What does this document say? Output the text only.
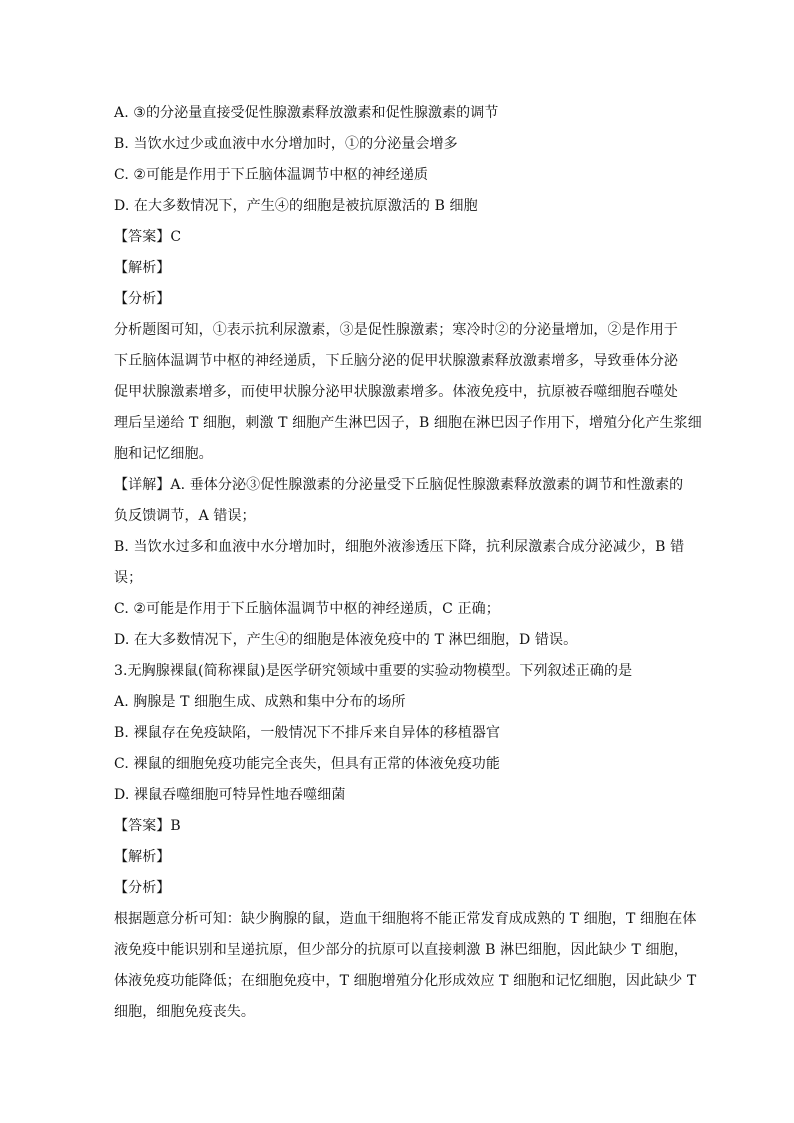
A. ③的分泌量直接受促性腺激素释放激素和促性腺激素的调节
B. 当饮水过少或血液中水分增加时，①的分泌量会增多
C. ②可能是作用于下丘脑体温调节中枢的神经递质
D. 在大多数情况下，产生④的细胞是被抗原激活的 B 细胞
【答案】C
【解析】
【分析】
分析题图可知，①表示抗利尿激素，③是促性腺激素；寒冷时②的分泌量增加，②是作用于
下丘脑体温调节中枢的神经递质，下丘脑分泌的促甲状腺激素释放激素增多，导致垂体分泌
促甲状腺激素增多，而使甲状腺分泌甲状腺激素增多。体液免疫中，抗原被吞噬细胞吞噬处
理后呈递给 T 细胞，刺激 T 细胞产生淋巴因子，B 细胞在淋巴因子作用下，增殖分化产生浆细
胞和记忆细胞。
【详解】A. 垂体分泌③促性腺激素的分泌量受下丘脑促性腺激素释放激素的调节和性激素的
负反馈调节，A 错误；
B. 当饮水过多和血液中水分增加时，细胞外液渗透压下降，抗利尿激素合成分泌减少，B 错
误；
C. ②可能是作用于下丘脑体温调节中枢的神经递质，C 正确；
D. 在大多数情况下，产生④的细胞是体液免疫中的 T 淋巴细胞，D 错误。
3.无胸腺裸鼠(简称裸鼠)是医学研究领域中重要的实验动物模型。下列叙述正确的是
A. 胸腺是 T 细胞生成、成熟和集中分布的场所
B. 裸鼠存在免疫缺陷，一般情况下不排斥来自异体的移植器官
C. 裸鼠的细胞免疫功能完全丧失，但具有正常的体液免疫功能
D. 裸鼠吞噬细胞可特异性地吞噬细菌
【答案】B
【解析】
【分析】
根据题意分析可知：缺少胸腺的鼠，造血干细胞将不能正常发育成成熟的 T 细胞，T 细胞在体
液免疫中能识别和呈递抗原，但少部分的抗原可以直接刺激 B 淋巴细胞，因此缺少 T 细胞，
体液免疫功能降低；在细胞免疫中，T 细胞增殖分化形成效应 T 细胞和记忆细胞，因此缺少 T
细胞，细胞免疫丧失。
